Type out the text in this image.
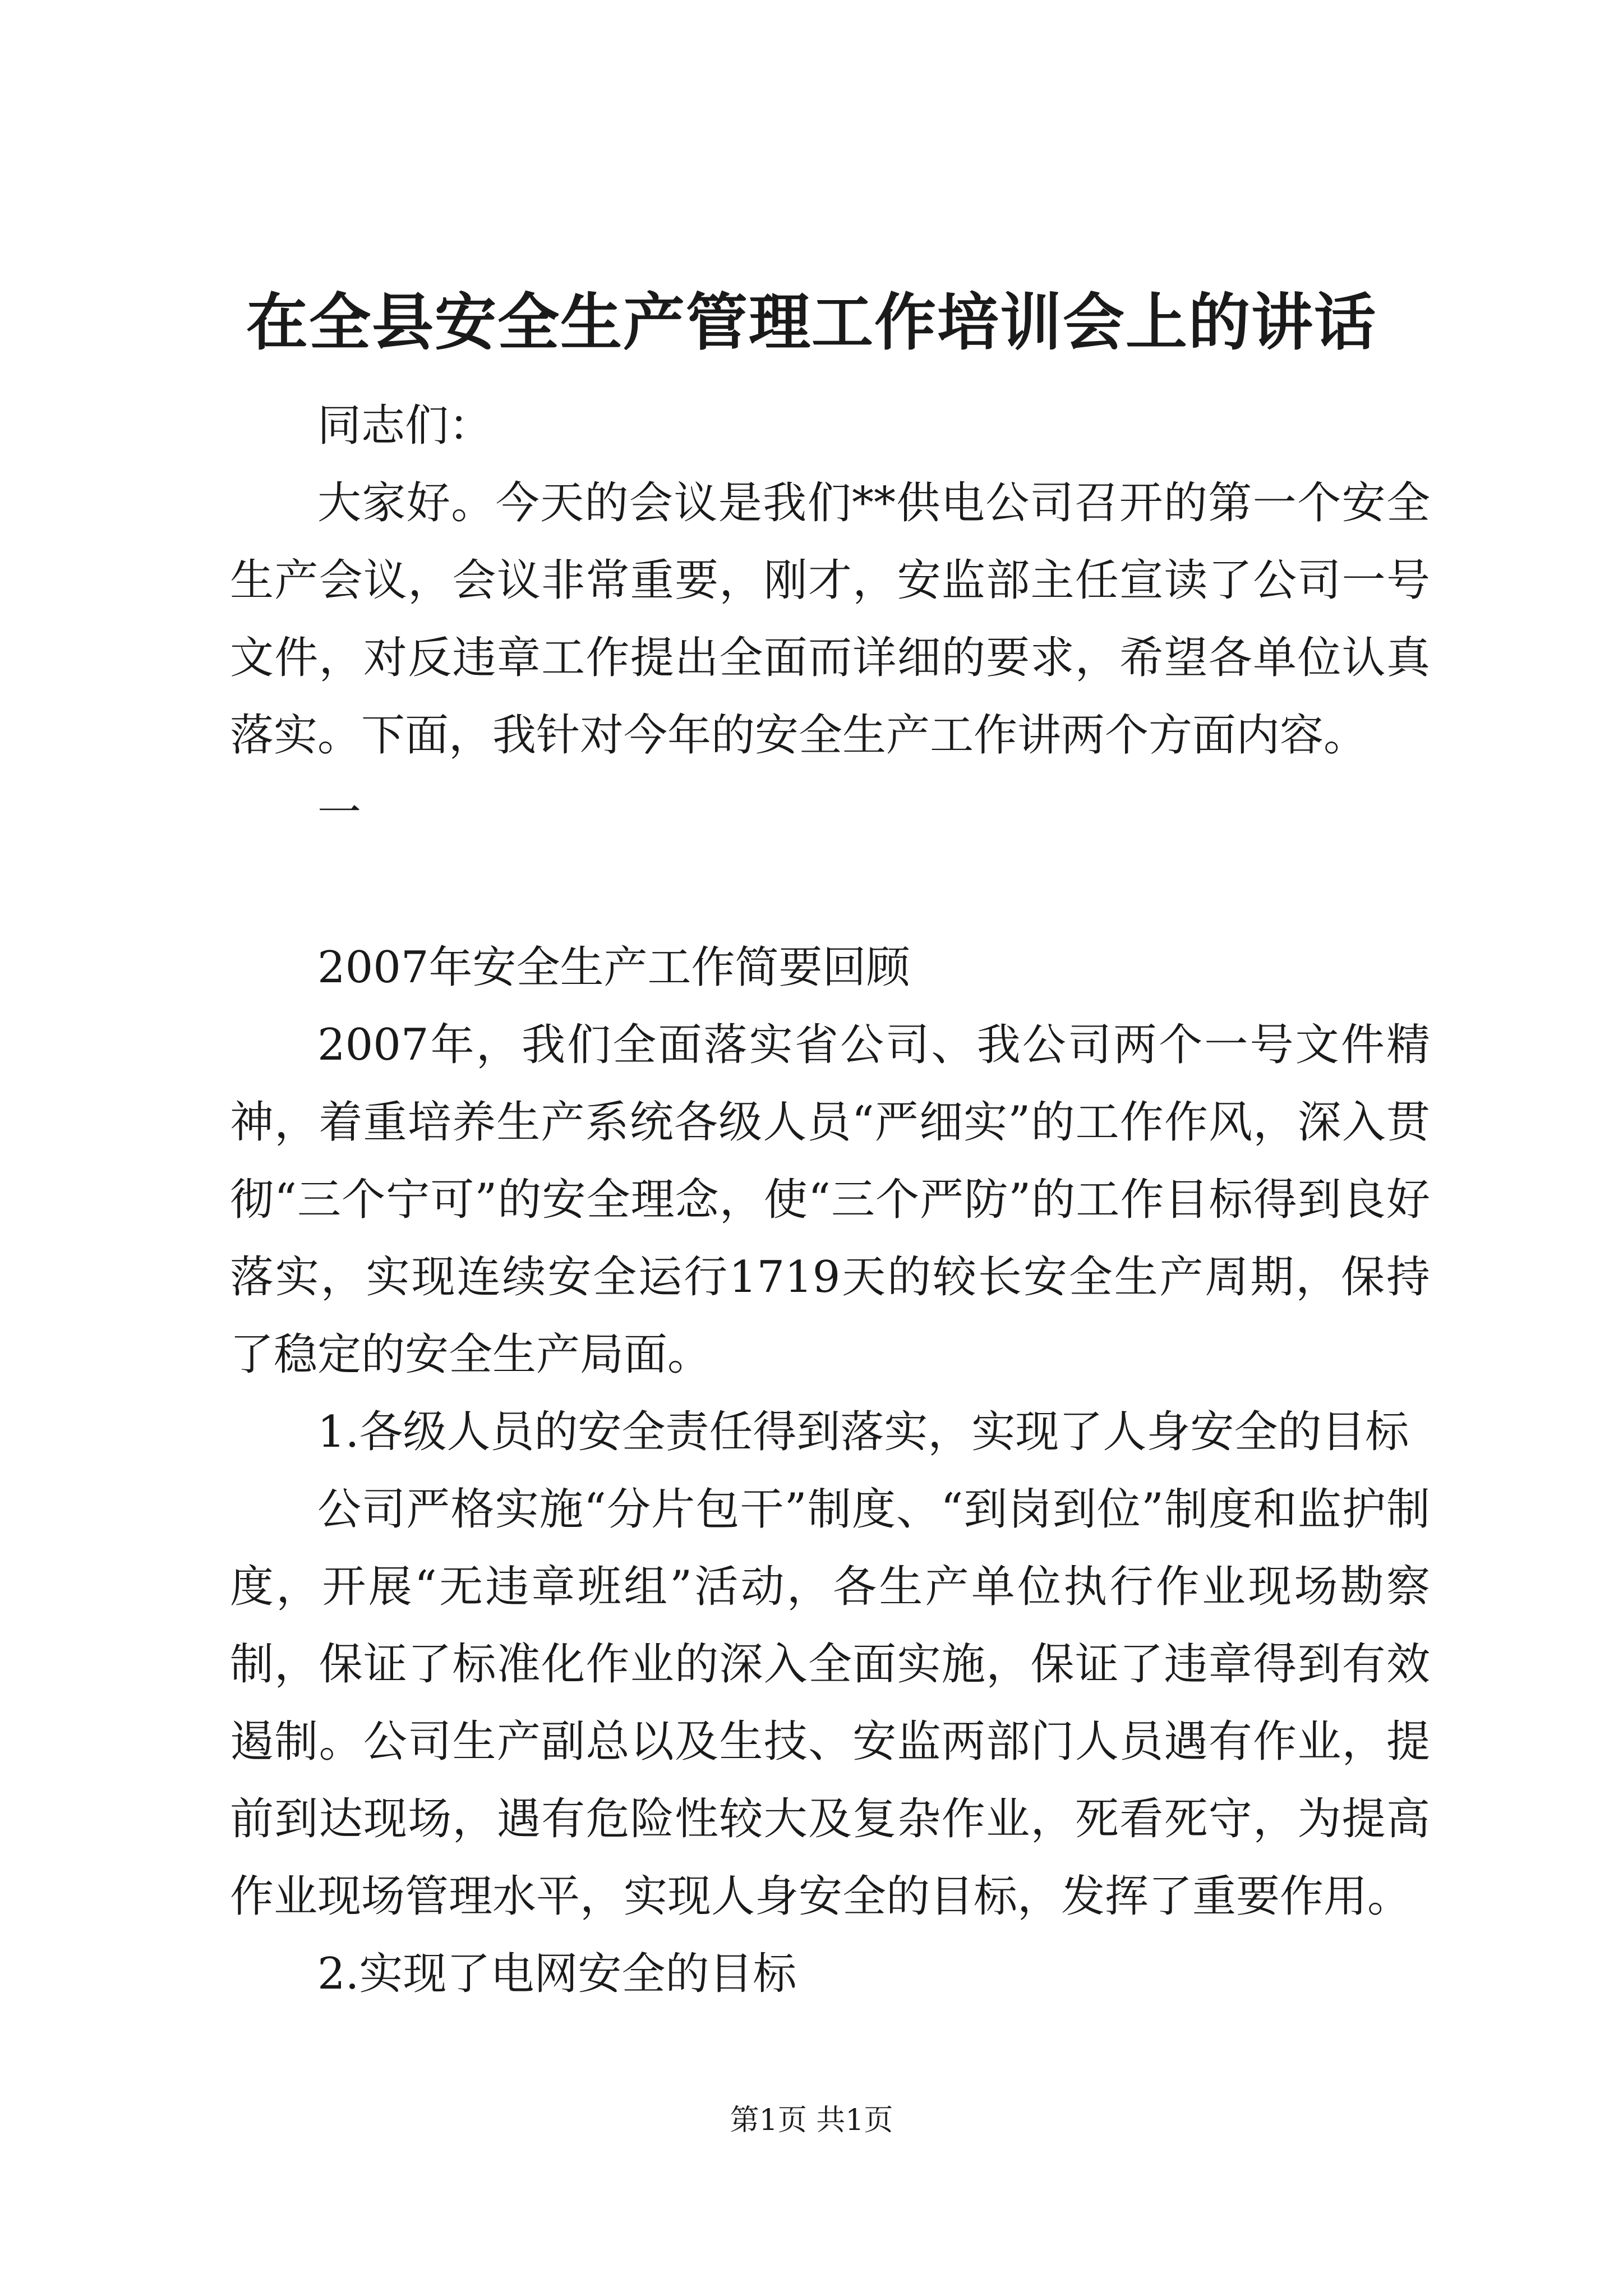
在全县安全生产管理工作培训会上的讲话

同志们：

大家好。今天的会议是我们**供电公司召开的第一个安全生产会议，会议非常重要，刚才，安监部主任宣读了公司一号文件，对反违章工作提出全面而详细的要求，希望各单位认真落实。下面，我针对今年的安全生产工作讲两个方面内容。

一

2007年安全生产工作简要回顾

2007年，我们全面落实省公司、我公司两个一号文件精神，着重培养生产系统各级人员“严细实”的工作作风，深入贯彻“三个宁可”的安全理念，使“三个严防”的工作目标得到良好落实，实现连续安全运行1719天的较长安全生产周期，保持了稳定的安全生产局面。

1.各级人员的安全责任得到落实，实现了人身安全的目标

公司严格实施“分片包干”制度、“到岗到位”制度和监护制度，开展“无违章班组”活动，各生产单位执行作业现场勘察制，保证了标准化作业的深入全面实施，保证了违章得到有效遏制。公司生产副总以及生技、安监两部门人员遇有作业，提前到达现场，遇有危险性较大及复杂作业，死看死守，为提高作业现场管理水平，实现人身安全的目标，发挥了重要作用。

2.实现了电网安全的目标

第1页 共1页
